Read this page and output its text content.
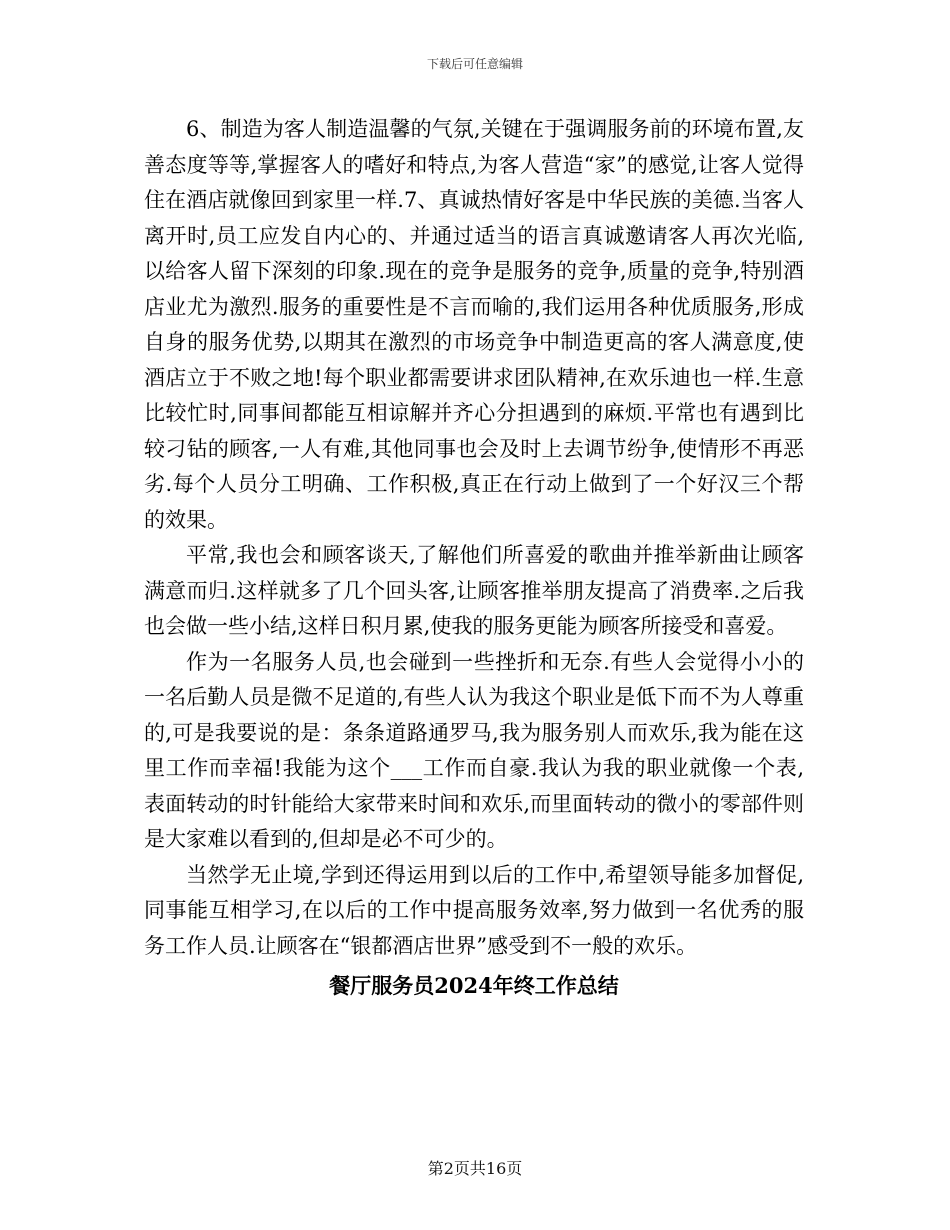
下载后可任意编辑

6、制造为客人制造温馨的气氛,关键在于强调服务前的环境布置,友善态度等等,掌握客人的嗜好和特点,为客人营造“家”的感觉,让客人觉得住在酒店就像回到家里一样.7、真诚热情好客是中华民族的美德.当客人离开时,员工应发自内心的、并通过适当的语言真诚邀请客人再次光临,以给客人留下深刻的印象.现在的竞争是服务的竞争,质量的竞争,特别酒店业尤为激烈.服务的重要性是不言而喻的,我们运用各种优质服务,形成自身的服务优势,以期其在激烈的市场竞争中制造更高的客人满意度,使酒店立于不败之地!每个职业都需要讲求团队精神,在欢乐迪也一样.生意比较忙时,同事间都能互相谅解并齐心分担遇到的麻烦.平常也有遇到比较刁钻的顾客,一人有难,其他同事也会及时上去调节纷争,使情形不再恶劣.每个人员分工明确、工作积极,真正在行动上做到了一个好汉三个帮的效果。

平常,我也会和顾客谈天,了解他们所喜爱的歌曲并推举新曲让顾客满意而归.这样就多了几个回头客,让顾客推举朋友提高了消费率.之后我也会做一些小结,这样日积月累,使我的服务更能为顾客所接受和喜爱。

作为一名服务人员,也会碰到一些挫折和无奈.有些人会觉得小小的一名后勤人员是微不足道的,有些人认为我这个职业是低下而不为人尊重的,可是我要说的是：条条道路通罗马,我为服务别人而欢乐,我为能在这里工作而幸福!我能为这个___工作而自豪.我认为我的职业就像一个表,表面转动的时针能给大家带来时间和欢乐,而里面转动的微小的零部件则是大家难以看到的,但却是必不可少的。

当然学无止境,学到还得运用到以后的工作中,希望领导能多加督促,同事能互相学习,在以后的工作中提高服务效率,努力做到一名优秀的服务工作人员.让顾客在“银都酒店世界”感受到不一般的欢乐。

餐厅服务员2024年终工作总结
第2页共16页
